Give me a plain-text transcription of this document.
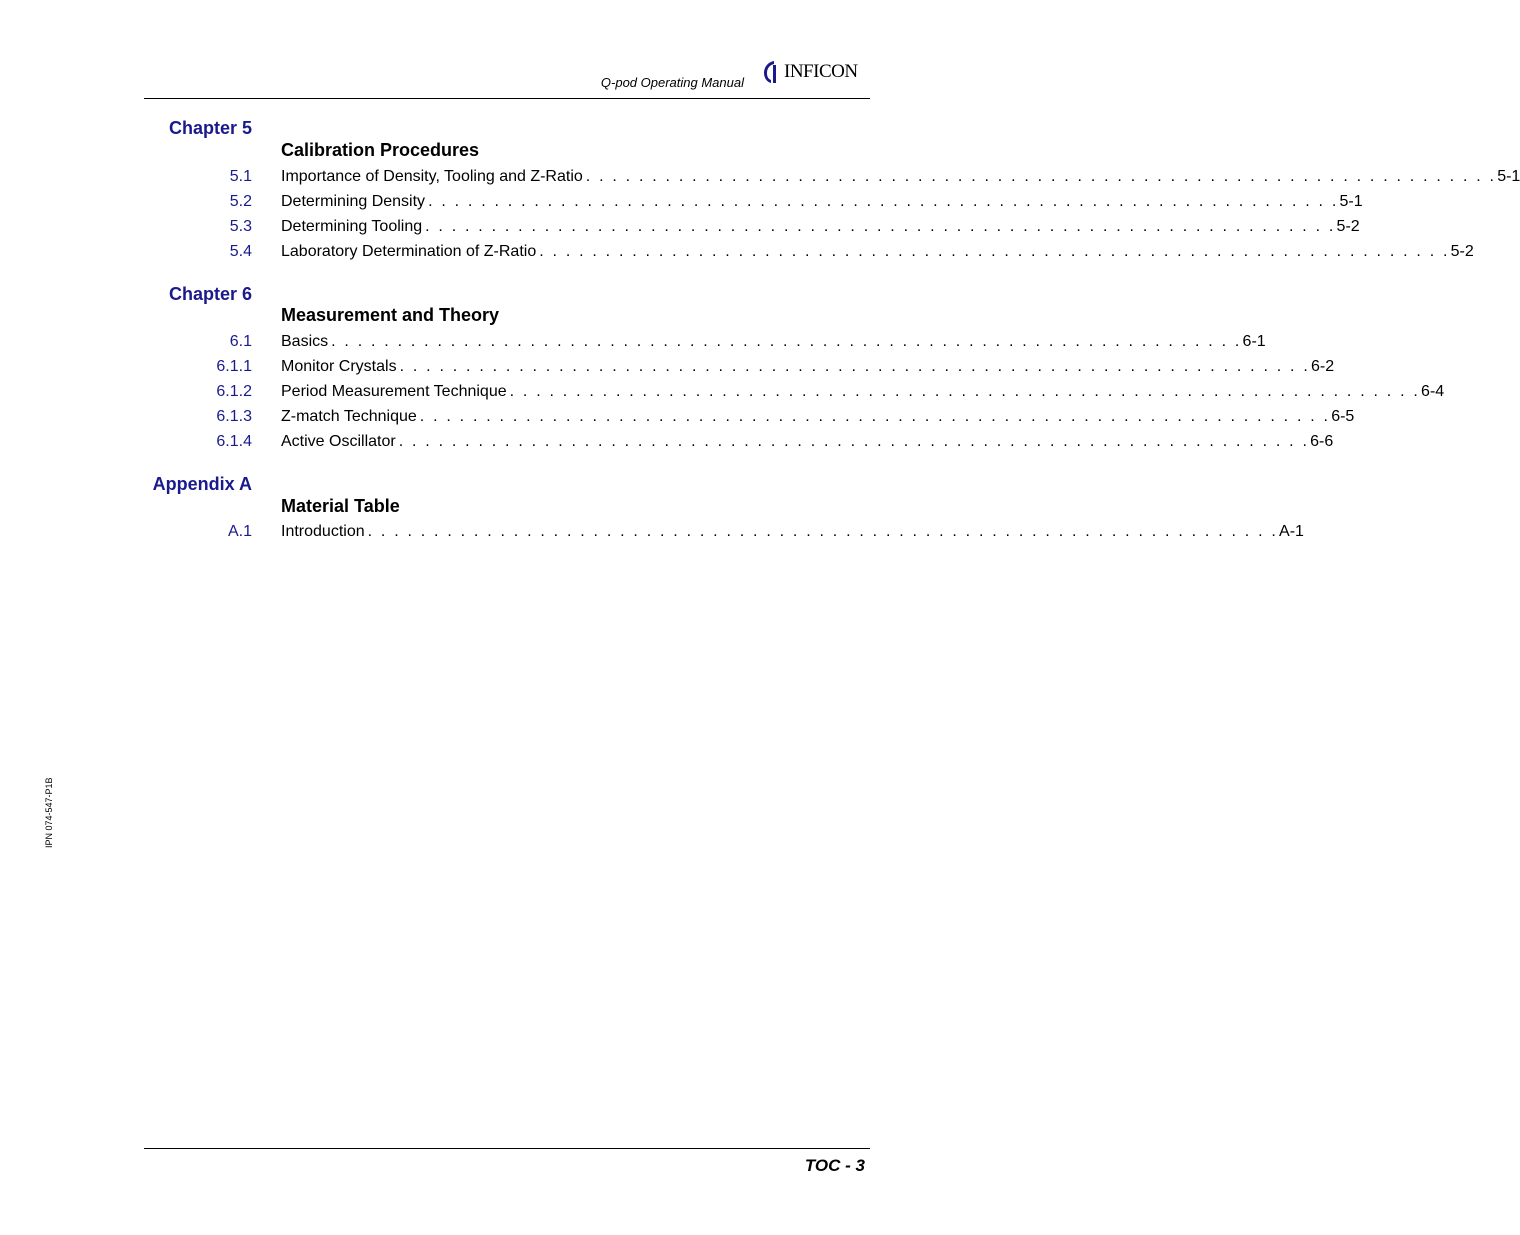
Q-pod Operating Manual
INFICON
IPN 074-547-P1B
Chapter 5
Calibration Procedures
5.1 Importance of Density, Tooling and Z-Ratio . . . . . . . . . . . . . . . . . . . . . . . . . . . . . . . . . . . . . . . . . . . . . . . . . . . . . . . . . . . . . . . . . . . . . 5-1
5.2 Determining Density . . . . . . . . . . . . . . . . . . . . . . . . . . . . . . . . . . . . . . . . . . . . . . . . . . . . . . . . . . . . . . . . . . . . . 5-1
5.3 Determining Tooling . . . . . . . . . . . . . . . . . . . . . . . . . . . . . . . . . . . . . . . . . . . . . . . . . . . . . . . . . . . . . . . . . . . . . 5-2
5.4 Laboratory Determination of Z-Ratio . . . . . . . . . . . . . . . . . . . . . . . . . . . . . . . . . . . . . . . . . . . . . . . . . . . . . . . . . . . . . . . . . . . . . 5-2
Chapter 6
Measurement and Theory
6.1 Basics . . . . . . . . . . . . . . . . . . . . . . . . . . . . . . . . . . . . . . . . . . . . . . . . . . . . . . . . . . . . . . . . . . . . . 6-1
6.1.1 Monitor Crystals . . . . . . . . . . . . . . . . . . . . . . . . . . . . . . . . . . . . . . . . . . . . . . . . . . . . . . . . . . . . . . . . . . . . . 6-2
6.1.2 Period Measurement Technique . . . . . . . . . . . . . . . . . . . . . . . . . . . . . . . . . . . . . . . . . . . . . . . . . . . . . . . . . . . . . . . . . . . . . 6-4
6.1.3 Z-match Technique . . . . . . . . . . . . . . . . . . . . . . . . . . . . . . . . . . . . . . . . . . . . . . . . . . . . . . . . . . . . . . . . . . . . . 6-5
6.1.4 Active Oscillator . . . . . . . . . . . . . . . . . . . . . . . . . . . . . . . . . . . . . . . . . . . . . . . . . . . . . . . . . . . . . . . . . . . . . 6-6
Appendix A
Material Table
A.1 Introduction . . . . . . . . . . . . . . . . . . . . . . . . . . . . . . . . . . . . . . . . . . . . . . . . . . . . . . . . . . . . . . . . . . . . . A-1
TOC - 3
